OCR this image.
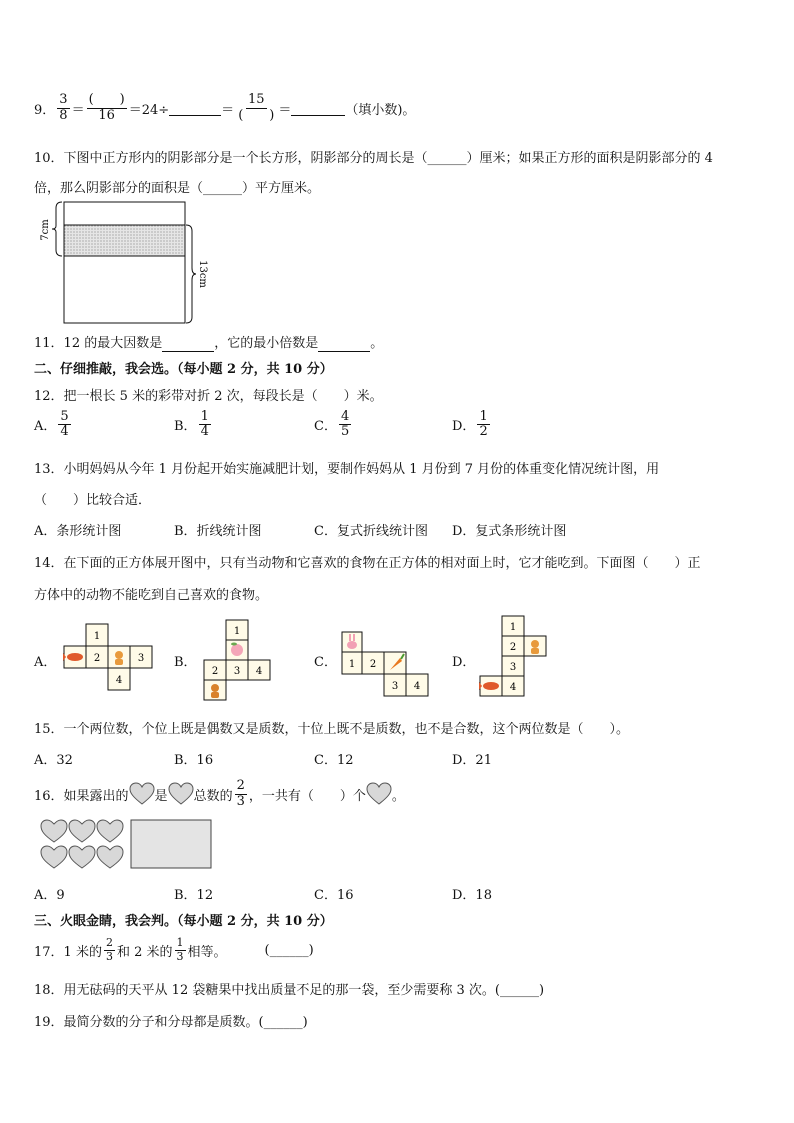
9． $\frac{3}{8} = \frac{( )}{16} =24\div$
	＝ $\frac{15}{( )}$ ＝
	（填小数)。
10．下图中正方形内的阴影部分是一个长方形，阴影部分的周长是（______）厘米；如果正方形的面积是阴影部分的 4
倍，那么阴影部分的面积是（______）平方厘米。
7cm
13cm
11．12 的最大因数是	，它的最小倍数是	。
二、仔细推敲，我会选。（每小题 2 分，共 10 分）
12．把一根长 5 米的彩带对折 2 次，每段长是（　　）米。
A． $\frac{5}{4}$	B． $\frac{1}{4}$	C． $\frac{4}{5}$	D． $\frac{1}{2}$
13．小明妈妈从今年 1 月份起开始实施减肥计划，要制作妈妈从 1 月份到 7 月份的体重变化情况统计图，用
（　　）比较合适．
A．条形统计图	B．折线统计图	C．复式折线统计图 D．复式条形统计图
14．在下面的正方体展开图中，只有当动物和它喜欢的食物在正方体的相对面上时，它才能吃到。下面图（　　）正
方体中的动物不能吃到自己喜欢的食物。
A．	B．	C．	D．
1
2	3
4
1
2 3 4
1 2
3 4
1
2
3
4
15．一个两位数，个位上既是偶数又是质数，十位上既不是质数，也不是合数，这个两位数是（　　）。
A．32	B．16	C．12	D．21
16．如果露出的 是 总数的 $\frac{2}{3}$ ，一共有（　　）个 。
A．9	B．12	C．16	D．18
三、火眼金睛，我会判。（每小题 2 分，共 10 分）
17．1 米的 $\frac{2}{3}$ 和 2 米的 $\frac{1}{3}$ 相等。	(______)
18．用无砝码的天平从 12 袋糖果中找出质量不足的那一袋，至少需要称 3 次。(______)
19．最简分数的分子和分母都是质数。(______)
